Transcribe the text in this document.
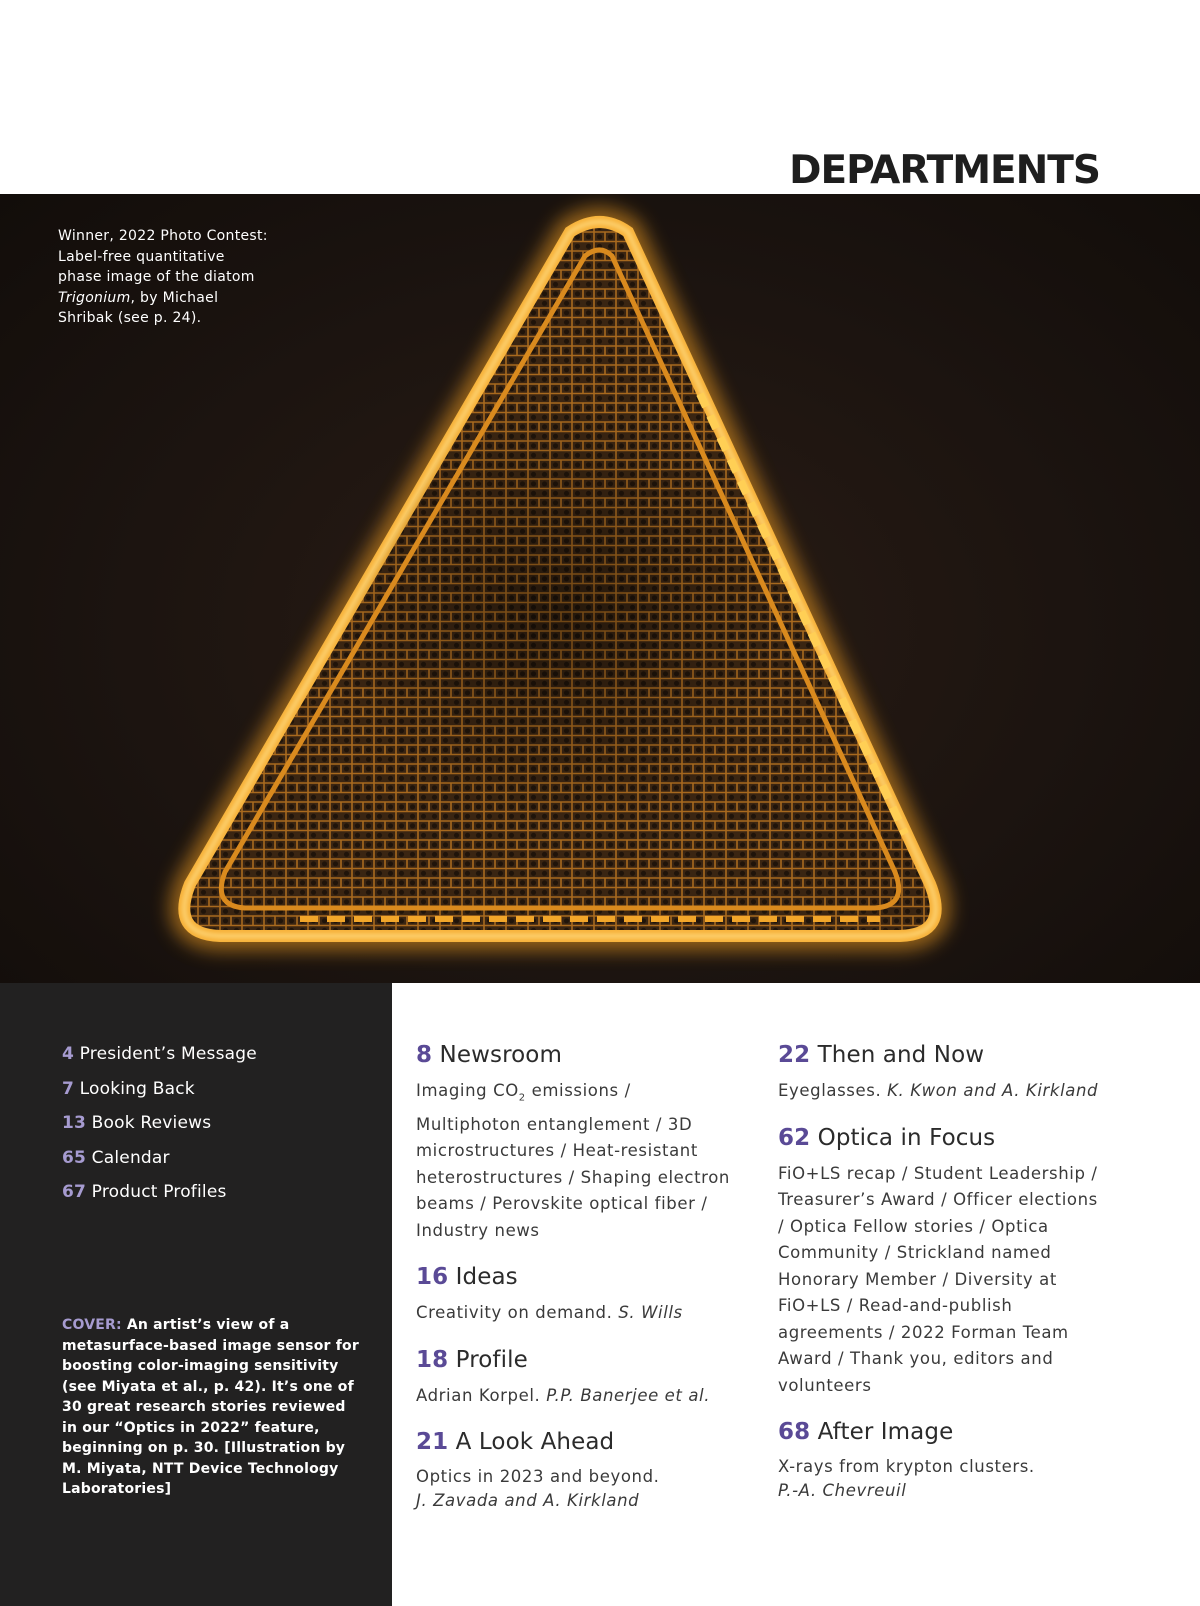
DEPARTMENTS
Winner, 2022 Photo Contest:
Label-free quantitative
phase image of the diatom
Trigonium, by Michael
Shribak (see p. 24).
4 President’s Message
7 Looking Back
13 Book Reviews
65 Calendar
67 Product Profiles
COVER: An artist’s view of a metasurface-based image sensor for boosting color-imaging sensitivity (see Miyata et al., p. 42). It’s one of 30 great research stories reviewed in our “Optics in 2022” feature, beginning on p. 30. [Illustration by M. Miyata, NTT Device Technology Laboratories]
8 Newsroom

Imaging $CO_2$ emissions / Multiphoton entanglement / 3D microstructures / Heat-resistant heterostructures / Shaping electron beams / Perovskite optical fiber / Industry news

16 Ideas

Creativity on demand. S. Wills

18 Profile

Adrian Korpel. P.P. Banerjee et al.

21 A Look Ahead

Optics in 2023 and beyond.
J. Zavada and A. Kirkland

22 Then and Now

Eyeglasses. K. Kwon and A. Kirkland

62 Optica in Focus

FiO+LS recap / Student Leadership / Treasurer’s Award / Officer elections / Optica Fellow stories / Optica Community / Strickland named Honorary Member / Diversity at FiO+LS / Read-and-publish agreements / 2022 Forman Team Award / Thank you, editors and volunteers

68 After Image

X-rays from krypton clusters.
P.-A. Chevreuil
